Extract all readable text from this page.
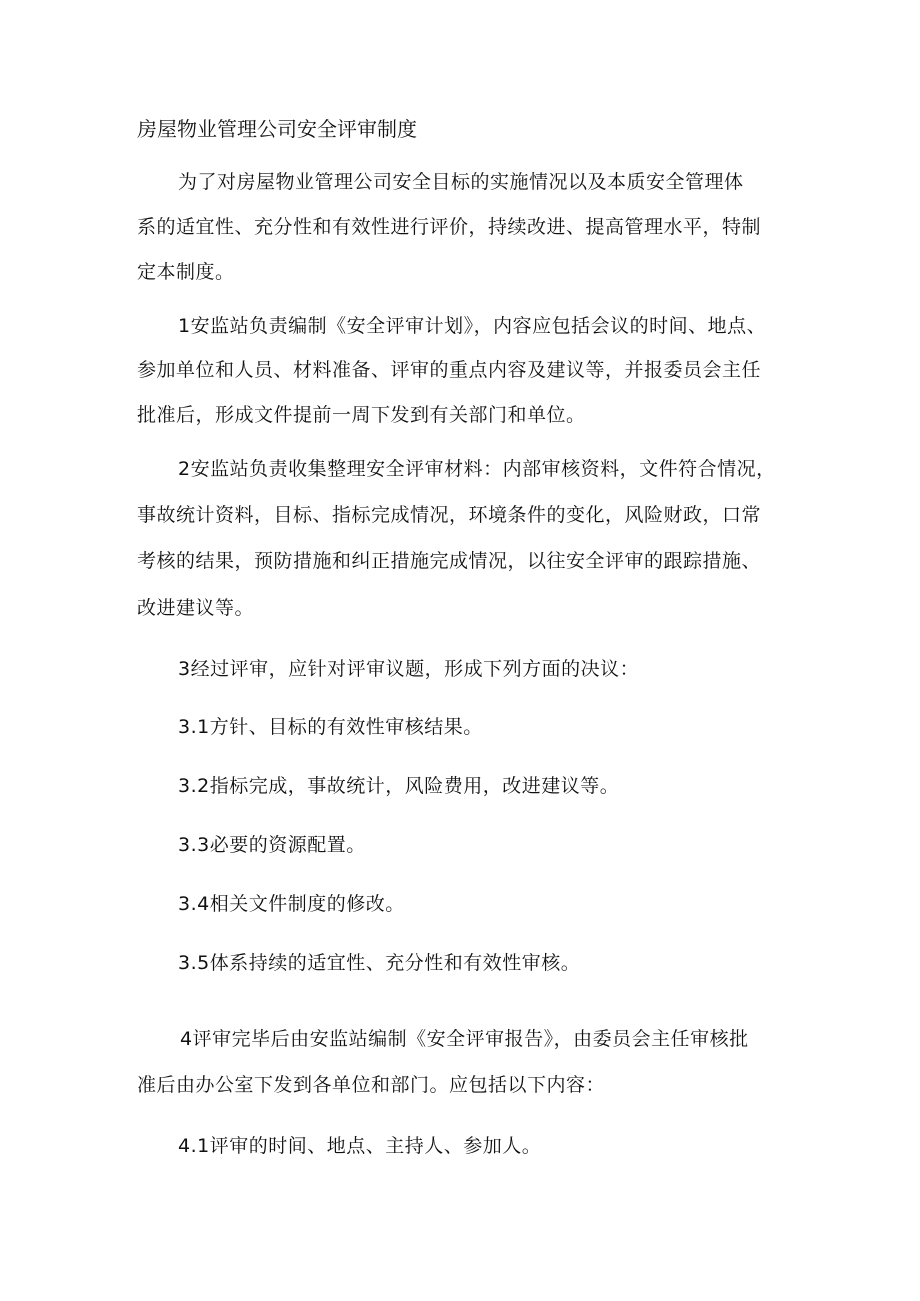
房屋物业管理公司安全评审制度
为了对房屋物业管理公司安全目标的实施情况以及本质安全管理体
系的适宜性、充分性和有效性进行评价，持续改进、提高管理水平，特制
定本制度。
1安监站负责编制《安全评审计划》，内容应包括会议的时间、地点、
参加单位和人员、材料准备、评审的重点内容及建议等，并报委员会主任
批准后，形成文件提前一周下发到有关部门和单位。
2安监站负责收集整理安全评审材料：内部审核资料，文件符合情况，
事故统计资料，目标、指标完成情况，环境条件的变化，风险财政，口常
考核的结果，预防措施和纠正措施完成情况，以往安全评审的跟踪措施、
改进建议等。
3经过评审，应针对评审议题，形成下列方面的决议：
3.1方针、目标的有效性审核结果。
3.2指标完成，事故统计，风险费用，改进建议等。
3.3必要的资源配置。
3.4相关文件制度的修改。
3.5体系持续的适宜性、充分性和有效性审核。
4评审完毕后由安监站编制《安全评审报告》，由委员会主任审核批
准后由办公室下发到各单位和部门。应包括以下内容：
4.1评审的时间、地点、主持人、参加人。
